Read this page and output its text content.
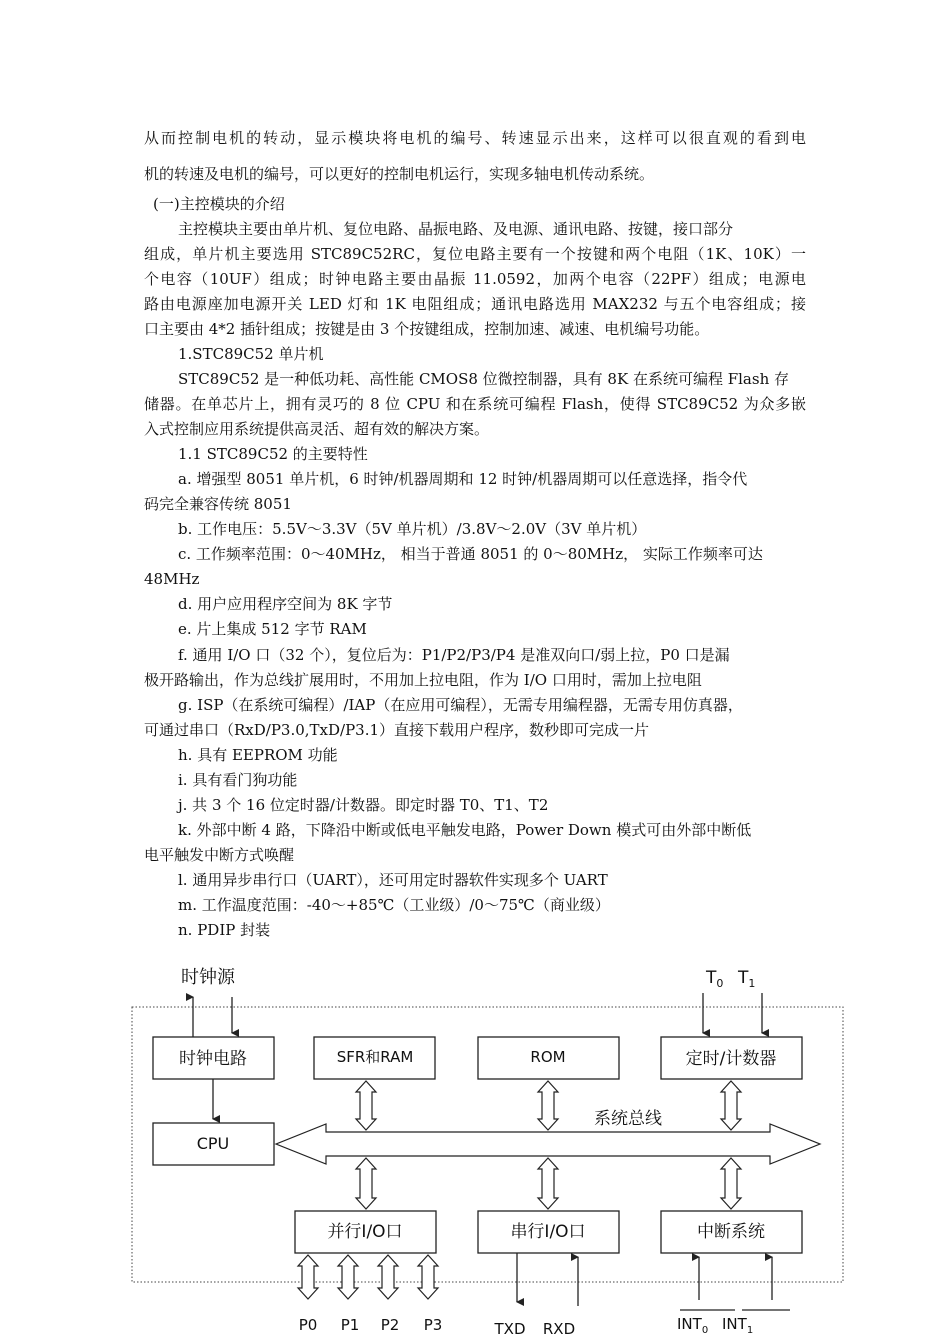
从而控制电机的转动，显示模块将电机的编号、转速显示出来，这样可以很直观的看到电
机的转速及电机的编号，可以更好的控制电机运行，实现多轴电机传动系统。
(一)主控模块的介绍
主控模块主要由单片机、复位电路、晶振电路、及电源、通讯电路、按键，接口部分
组成，单片机主要选用 STC89C52RC，复位电路主要有一个按键和两个电阻（1K、10K）一
个电容（10UF）组成；时钟电路主要由晶振 11.0592，加两个电容（22PF）组成；电源电
路由电源座加电源开关 LED 灯和 1K 电阻组成；通讯电路选用 MAX232 与五个电容组成；接
口主要由 4*2 插针组成；按键是由 3 个按键组成，控制加速、减速、电机编号功能。
1.STC89C52 单片机
STC89C52 是一种低功耗、高性能 CMOS8 位微控制器，具有 8K 在系统可编程 Flash 存
储器。在单芯片上，拥有灵巧的 8 位 CPU 和在系统可编程 Flash，使得 STC89C52 为众多嵌
入式控制应用系统提供高灵活、超有效的解决方案。
1.1 STC89C52 的主要特性
a. 增强型 8051 单片机，6 时钟/机器周期和 12 时钟/机器周期可以任意选择，指令代
码完全兼容传统 8051
b. 工作电压：5.5V～3.3V（5V 单片机）/3.8V～2.0V（3V 单片机）
c. 工作频率范围：0～40MHz， 相当于普通 8051 的 0～80MHz， 实际工作频率可达
48MHz
d. 用户应用程序空间为 8K 字节
e. 片上集成 512 字节 RAM
f. 通用 I/O 口（32 个），复位后为：P1/P2/P3/P4 是准双向口/弱上拉，P0 口是漏
极开路输出，作为总线扩展用时，不用加上拉电阻，作为 I/O 口用时，需加上拉电阻
g. ISP（在系统可编程）/IAP（在应用可编程），无需专用编程器，无需专用仿真器，
可通过串口（RxD/P3.0,TxD/P3.1）直接下载用户程序，数秒即可完成一片
h. 具有 EEPROM 功能
i. 具有看门狗功能
j. 共 3 个 16 位定时器/计数器。即定时器 T0、T1、T2
k. 外部中断 4 路，下降沿中断或低电平触发电路，Power Down 模式可由外部中断低
电平触发中断方式唤醒
l. 通用异步串行口（UART），还可用定时器软件实现多个 UART
m. 工作温度范围：-40～+85℃（工业级）/0～75℃（商业级）
n. PDIP 封装
时钟源
时钟电路	SFR和RAM	ROM	定时/计数器
$T_0$ $T_1$
CPU
系统总线
并行I/O口	串行I/O口	中断系统
P0 P1 P2 P3	TXD RXD	$INT_0$ $INT_1$
